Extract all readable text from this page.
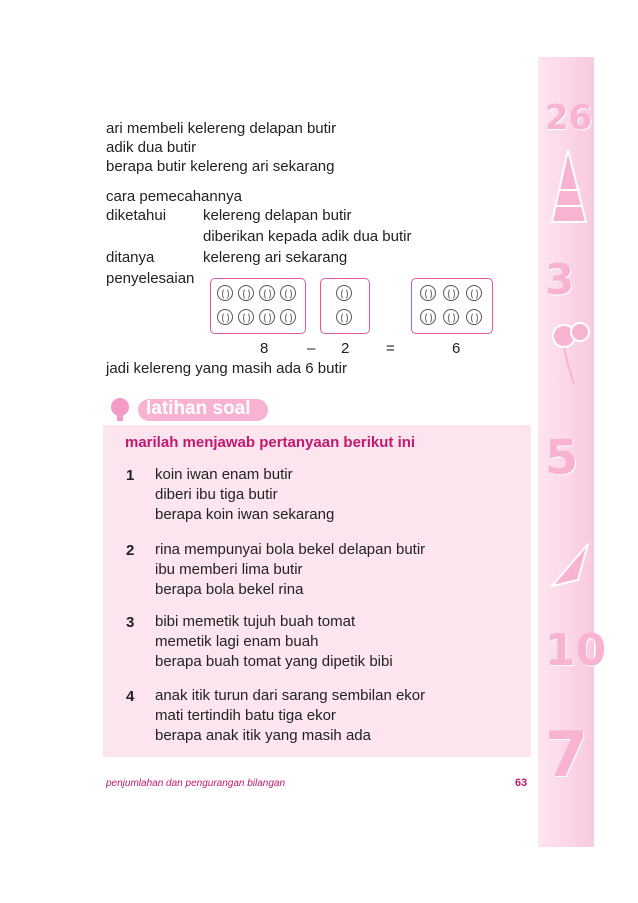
26
3
5
10
7
ari membeli kelereng delapan butir
adik dua butir
berapa butir kelereng ari sekarang
cara pemecahannya
diketahui kelereng delapan butir
diberikan kepada adik dua butir
ditanya	kelereng ari sekarang
penyelesaian
8	– 2 =	6
jadi kelereng yang masih ada 6 butir
latihan soal
marilah menjawab pertanyaan berikut ini
1 koin iwan enam butir
diberi ibu tiga butir
berapa koin iwan sekarang
2 rina mempunyai bola bekel delapan butir
ibu memberi lima butir
berapa bola bekel rina
3 bibi memetik tujuh buah tomat
memetik lagi enam buah
berapa buah tomat yang dipetik bibi
4 anak itik turun dari sarang sembilan ekor
mati tertindih batu tiga ekor
berapa anak itik yang masih ada
penjumlahan dan pengurangan bilangan	63
